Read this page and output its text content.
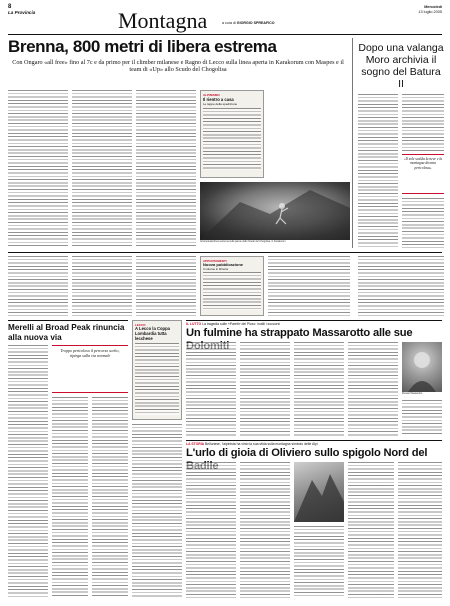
8
La Provincia
Mercoledì
13 luglio 2005
Montagna	a cura di GIORGIO SPREAFICO
Brenna, 800 metri di libera estrema
Con Ongaro «all free» fino al 7c e da primo per il climber milanese e Ragno di Lecco sulla linea aperta in Karakorum con Maspes e il team di «Up» allo Scudo del Chogolisa
Dopo una valanga Moro archivia il sogno del Batura II
ALPINISMO
Il rientro a casa
Le tappe della spedizione
Arrampicata libera estrema sulla parete dello Scudo del Chogolisa, in Karakorum
«Il sole scalda la neve e la montagna diventa pericolosa»
APPUNTAMENTI
Nuova pubblicazione
Il volume in libreria
Merelli al Broad Peak rinuncia alla nuova via
Troppo pericoloso il percorso scelto, ripiega sulla via normale
LECCO
A Lecco la Coppa Lombardia tutta lecchese
IL LUTTO La tragedia sulle «Pareti» del Pizzo: inutili i soccorsi
Un fulmine ha strappato Massarotto alle sue
Renato Massarotto
LA STORIA Bellunese, l'alpinista ha vinto la sua sfida sulla montagna simbolo delle Alpi
L'urlo di gioia di Oliviero sullo spigolo Nord del
